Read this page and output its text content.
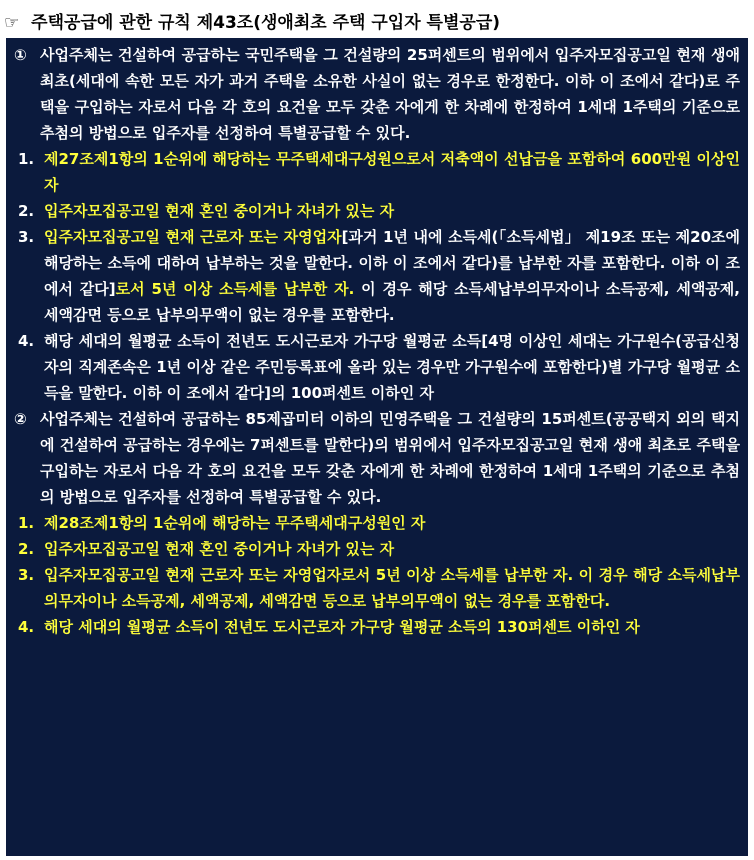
☞ 주택공급에 관한 규칙 제43조(생애최초 주택 구입자 특별공급)
① 사업주체는 건설하여 공급하는 국민주택을 그 건설량의 25퍼센트의 범위에서 입주자모집공고일 현재 생애 최초(세대에 속한 모든 자가 과거 주택을 소유한 사실이 없는 경우로 한정한다. 이하 이 조에서 같다)로 주택을 구입하는 자로서 다음 각 호의 요건을 모두 갖춘 자에게 한 차례에 한정하여 1세대 1주택의 기준으로 추첨의 방법으로 입주자를 선정하여 특별공급할 수 있다.
1. 제27조제1항의 1순위에 해당하는 무주택세대구성원으로서 저축액이 선납금을 포함하여 600만원 이상인 자
2. 입주자모집공고일 현재 혼인 중이거나 자녀가 있는 자
3. 입주자모집공고일 현재 근로자 또는 자영업자[과거 1년 내에 소득세(「소득세법」 제19조 또는 제20조에 해당하는 소득에 대하여 납부하는 것을 말한다. 이하 이 조에서 같다)를 납부한 자를 포함한다. 이하 이 조에서 같다]로서 5년 이상 소득세를 납부한 자. 이 경우 해당 소득세납부의무자이나 소득공제, 세액공제, 세액감면 등으로 납부의무액이 없는 경우를 포함한다.
4. 해당 세대의 월평균 소득이 전년도 도시근로자 가구당 월평균 소득[4명 이상인 세대는 가구원수(공급신청자의 직계존속은 1년 이상 같은 주민등록표에 올라 있는 경우만 가구원수에 포함한다)별 가구당 월평균 소득을 말한다. 이하 이 조에서 같다]의 100퍼센트 이하인 자
② 사업주체는 건설하여 공급하는 85제곱미터 이하의 민영주택을 그 건설량의 15퍼센트(공공택지 외의 택지에 건설하여 공급하는 경우에는 7퍼센트를 말한다)의 범위에서 입주자모집공고일 현재 생애 최초로 주택을 구입하는 자로서 다음 각 호의 요건을 모두 갖춘 자에게 한 차례에 한정하여 1세대 1주택의 기준으로 추첨의 방법으로 입주자를 선정하여 특별공급할 수 있다.
1. 제28조제1항의 1순위에 해당하는 무주택세대구성원인 자
2. 입주자모집공고일 현재 혼인 중이거나 자녀가 있는 자
3. 입주자모집공고일 현재 근로자 또는 자영업자로서 5년 이상 소득세를 납부한 자. 이 경우 해당 소득세납부의무자이나 소득공제, 세액공제, 세액감면 등으로 납부의무액이 없는 경우를 포함한다.
4. 해당 세대의 월평균 소득이 전년도 도시근로자 가구당 월평균 소득의 130퍼센트 이하인 자
